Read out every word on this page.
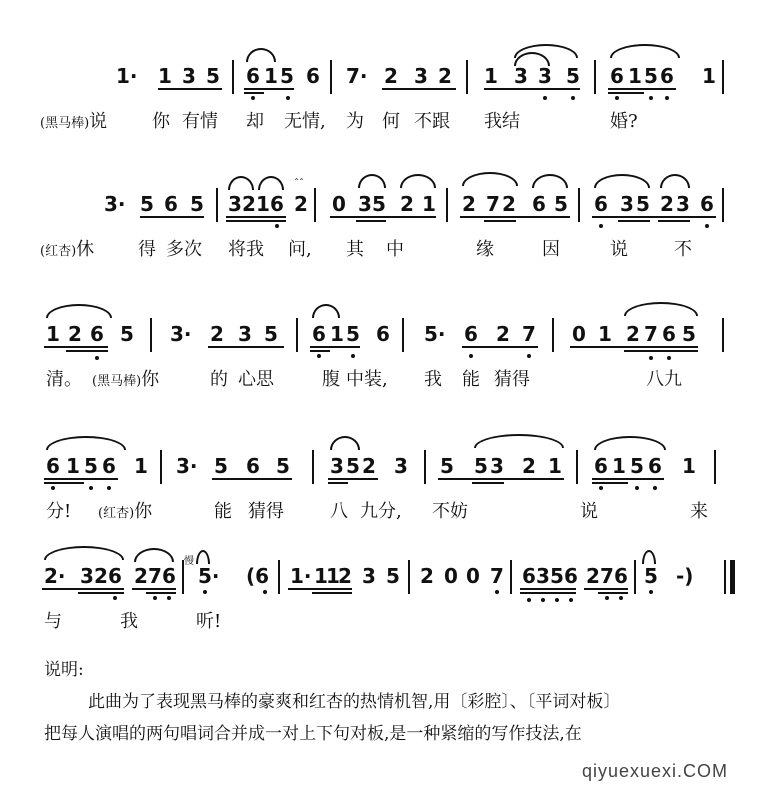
1· 1 3 5 6 1 5 6 7· 2 3 2 1 3 3 5 6 1 5 6 1
(黑马棒)说 你 有情 却 无情, 为 何 不跟 我结	婚?
3· 5 6 5 3 2 1 6 2 0 3 5 2 1 2 7 2 6 5 6 3 5 2 3 6
ˆˆ
(红杏)休 得 多次 将我 问, 其 中	缘	因	说	不
1 2 6 5 3· 2 3 5 6 1 5 6 5· 6 2 7 0 1 2 7 6 5
清。 (黑马棒)你	的 心思	腹 中装, 我 能 猜得	八九
6 1 5 6 1 3· 5 6 5 3 5 2 3 5 5 3 2 1 6 1 5 6 1
分! (红杏)你	能 猜得	八 九分, 不妨	说	来
2· 3 2 6 2 7 6
慢
5· (6 1· 1
1
2 3 5 2 0 0 7 6 3 5 6 2 7 6 5 -)
与	我	听!
说明:
此曲为了表现黑马棒的豪爽和红杏的热情机智,用〔彩腔〕、〔平词对板〕
把每人演唱的两句唱词合并成一对上下句对板,是一种紧缩的写作技法,在
qiyuexuexi.COM
